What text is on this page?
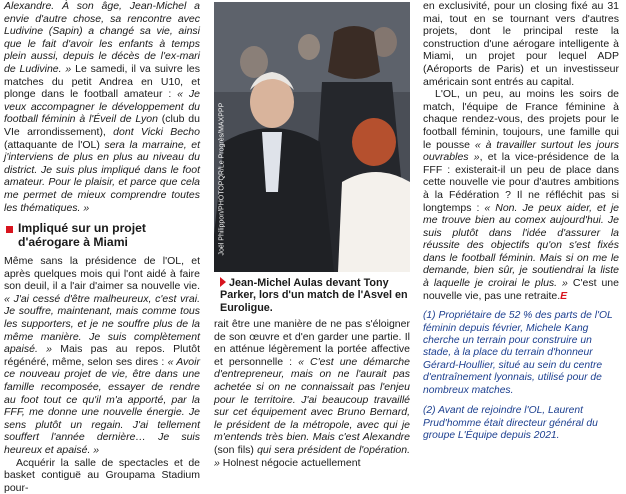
Alexandre. À son âge, Jean-Michel a envie d'autre chose, sa rencontre avec Ludivine (Sapin) a changé sa vie, ainsi que le fait d'avoir les enfants à temps plein aussi, depuis le décès de l'ex-mari de Ludivine. » Le samedi, il va suivre les matches du petit Andrea en U10, et plonge dans le football amateur : « Je veux accompagner le développement du football féminin à l'Éveil de Lyon (club du VIe arrondissement), dont Vicki Becho (attaquante de l'OL) sera la marraine, et j'interviens de plus en plus au niveau du district. Je suis plus impliqué dans le foot amateur. Pour le plaisir, et parce que cela me permet de mieux comprendre toutes les thématiques. »

Impliqué sur un projet d'aérogare à Miami

Même sans la présidence de l'OL, et après quelques mois qui l'ont aidé à faire son deuil, il a l'air d'aimer sa nouvelle vie. « J'ai cessé d'être malheureux, c'est vrai. Je souffre, maintenant, mais comme tous les supporters, et je ne souffre plus de la même manière. Je suis complètement apaisé. » Mais pas au repos. Plutôt régénéré, même, selon ses dires : « Avoir ce nouveau projet de vie, être dans une famille recomposée, essayer de rendre au foot tout ce qu'il m'a apporté, par la FFF, me donne une nouvelle énergie. Je sens plutôt un regain. J'ai tellement souffert l'année dernière… Je suis heureux et apaisé. »

Acquérir la salle de spectacles et de basket contiguë au Groupama Stadium pour-

Joël Philippon/PHOTOPQR/Le Progrès/MAXPPP
Jean-Michel Aulas devant Tony Parker, lors d'un match de l'Asvel en Euroligue.

rait être une manière de ne pas s'éloigner de son œuvre et d'en garder une partie. Il en atténue légèrement la portée affective et personnelle : « C'est une démarche d'entrepreneur, mais on ne l'aurait pas achetée si on ne connaissait pas l'enjeu pour le territoire. J'ai beaucoup travaillé sur cet équipement avec Bruno Bernard, le président de la métropole, avec qui je m'entends très bien. Mais c'est Alexandre (son fils) qui sera président de l'opération. » Holnest négocie actuellement

en exclusivité, pour un closing fixé au 31 mai, tout en se tournant vers d'autres projets, dont le principal reste la construction d'une aérogare intelligente à Miami, un projet pour lequel ADP (Aéroports de Paris) et un investisseur américain sont entrés au capital.

L'OL, un peu, au moins les soirs de match, l'équipe de France féminine à chaque rendez-vous, des projets pour le football féminin, toujours, une famille qui le pousse « à travailler surtout les jours ouvrables », et la vice-présidence de la FFF : existerait-il un peu de place dans cette nouvelle vie pour d'autres ambitions à la Fédération ? Il ne réfléchit pas si longtemps : « Non. Je peux aider, et je me trouve bien au comex aujourd'hui. Je suis plutôt dans l'idée d'assurer la réussite des objectifs qu'on s'est fixés dans le football féminin. Mais si on me le demande, bien sûr, je soutiendrai la liste à laquelle je croirai le plus. » C'est une nouvelle vie, pas une retraite.E

(1) Propriétaire de 52 % des parts de l'OL féminin depuis février, Michele Kang cherche un terrain pour construire un stade, à la place du terrain d'honneur Gérard-Houllier, situé au sein du centre d'entraînement lyonnais, utilisé pour de nombreux matches.

(2) Avant de rejoindre l'OL, Laurent Prud'homme était directeur général du groupe L'Équipe depuis 2021.
